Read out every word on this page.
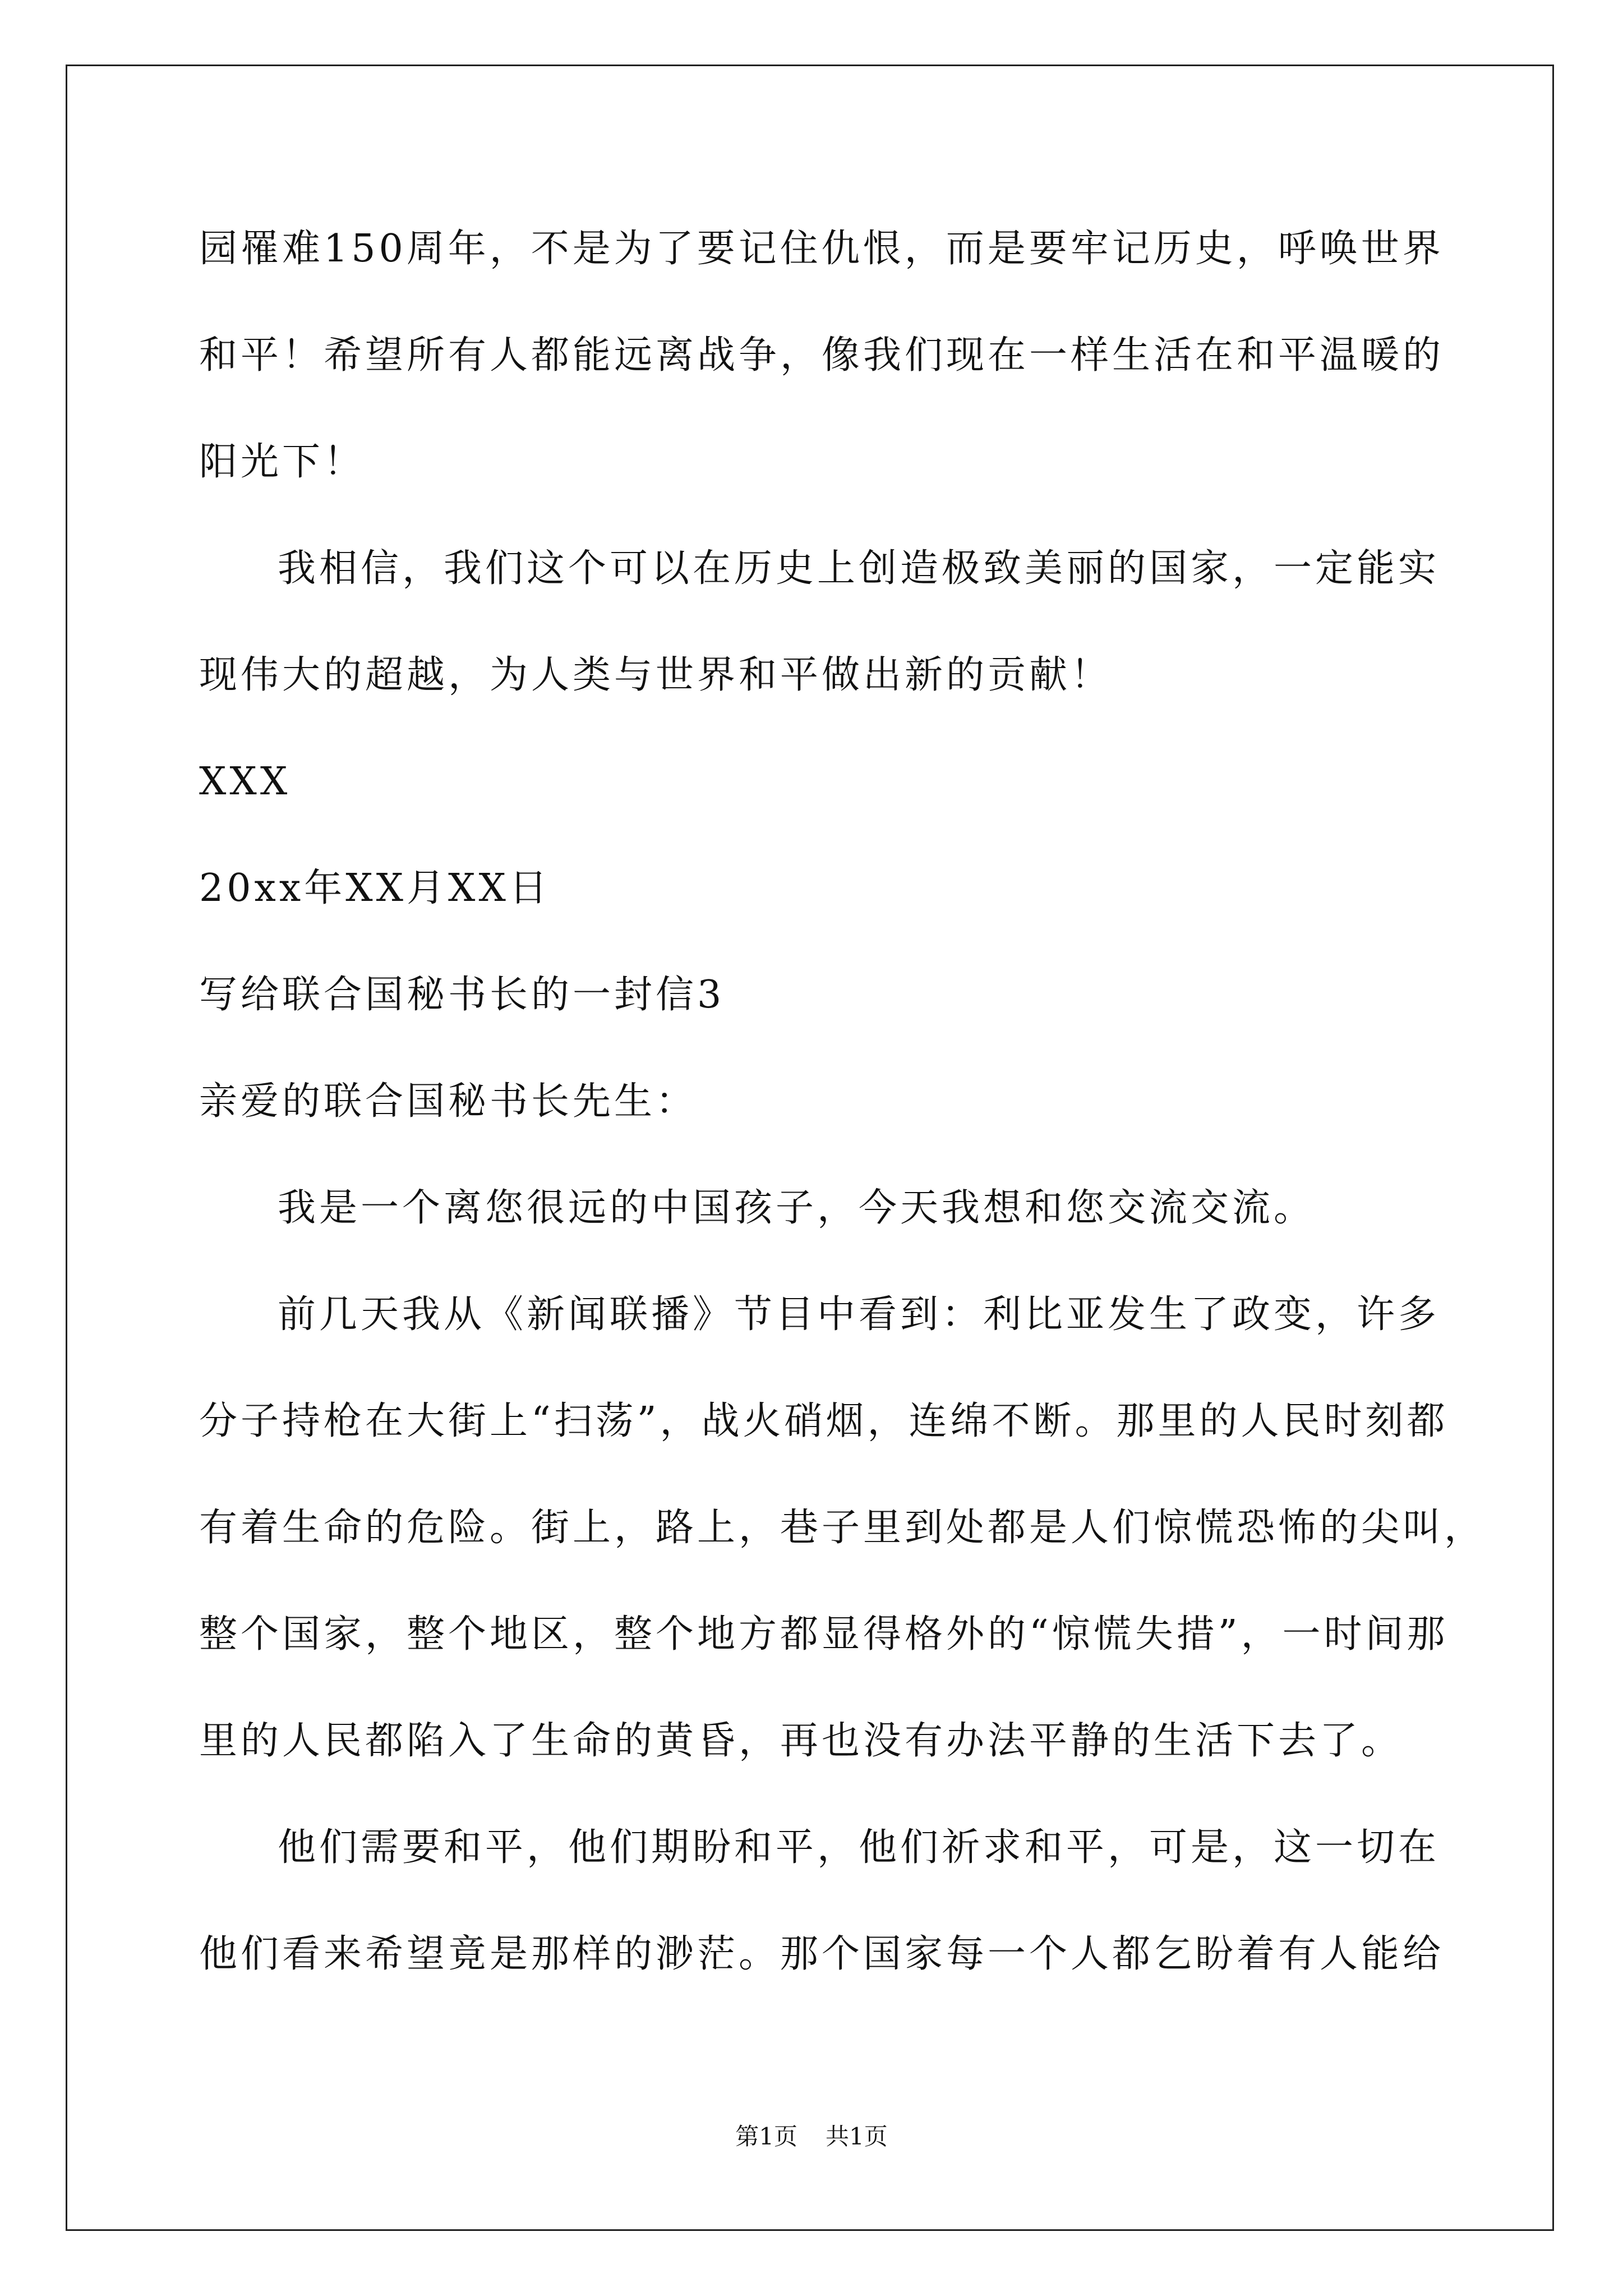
园罹难150周年，不是为了要记住仇恨，而是要牢记历史，呼唤世界
和平！希望所有人都能远离战争，像我们现在一样生活在和平温暖的
阳光下！
我相信，我们这个可以在历史上创造极致美丽的国家，一定能实
现伟大的超越，为人类与世界和平做出新的贡献！
XXX
20xx年XX月XX日
写给联合国秘书长的一封信3
亲爱的联合国秘书长先生：
我是一个离您很远的中国孩子，今天我想和您交流交流。
前几天我从《新闻联播》节目中看到：利比亚发生了政变，许多
分子持枪在大街上“扫荡”，战火硝烟，连绵不断。那里的人民时刻都
有着生命的危险。街上，路上，巷子里到处都是人们惊慌恐怖的尖叫，
整个国家，整个地区，整个地方都显得格外的“惊慌失措”，一时间那
里的人民都陷入了生命的黄昏，再也没有办法平静的生活下去了。
他们需要和平，他们期盼和平，他们祈求和平，可是，这一切在
他们看来希望竟是那样的渺茫。那个国家每一个人都乞盼着有人能给
第1页 共1页
